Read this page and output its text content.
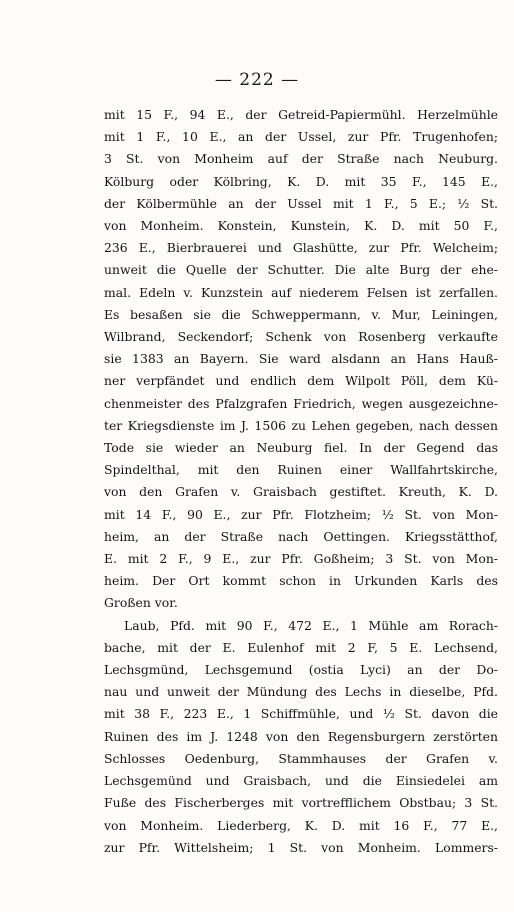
— 222 —
mit 15 F., 94 E., der Getreid-Papiermühl. Herzelmühle
mit 1 F., 10 E., an der Ussel, zur Pfr. Trugenhofen;
3 St. von Monheim auf der Straße nach Neuburg.
Kölburg oder Kölbring, K. D. mit 35 F., 145 E.,
der Kölbermühle an der Ussel mit 1 F., 5 E.; ½ St.
von Monheim. Konstein, Kunstein, K. D. mit 50 F.,
236 E., Bierbrauerei und Glashütte, zur Pfr. Welcheim;
unweit die Quelle der Schutter. Die alte Burg der ehe-
mal. Edeln v. Kunzstein auf niederem Felsen ist zerfallen.
Es besaßen sie die Schweppermann, v. Mur, Leiningen,
Wilbrand, Seckendorf; Schenk von Rosenberg verkaufte
sie 1383 an Bayern. Sie ward alsdann an Hans Hauß-
ner verpfändet und endlich dem Wilpolt Pöll, dem Kü-
chenmeister des Pfalzgrafen Friedrich, wegen ausgezeichne-
ter Kriegsdienste im J. 1506 zu Lehen gegeben, nach dessen
Tode sie wieder an Neuburg fiel. In der Gegend das
Spindelthal, mit den Ruinen einer Wallfahrtskirche,
von den Grafen v. Graisbach gestiftet. Kreuth, K. D.
mit 14 F., 90 E., zur Pfr. Flotzheim; ½ St. von Mon-
heim, an der Straße nach Oettingen. Kriegsstätthof,
E. mit 2 F., 9 E., zur Pfr. Goßheim; 3 St. von Mon-
heim. Der Ort kommt schon in Urkunden Karls des
Großen vor.
Laub, Pfd. mit 90 F., 472 E., 1 Mühle am Rorach-
bache, mit der E. Eulenhof mit 2 F, 5 E. Lechsend,
Lechsgmünd, Lechsgemund (ostia Lyci) an der Do-
nau und unweit der Mündung des Lechs in dieselbe, Pfd.
mit 38 F., 223 E., 1 Schiffmühle, und ½ St. davon die
Ruinen des im J. 1248 von den Regensburgern zerstörten
Schlosses Oedenburg, Stammhauses der Grafen v.
Lechsgemünd und Graisbach, und die Einsiedelei am
Fuße des Fischerberges mit vortrefflichem Obstbau; 3 St.
von Monheim. Liederberg, K. D. mit 16 F., 77 E.,
zur Pfr. Wittelsheim; 1 St. von Monheim. Lommers-
